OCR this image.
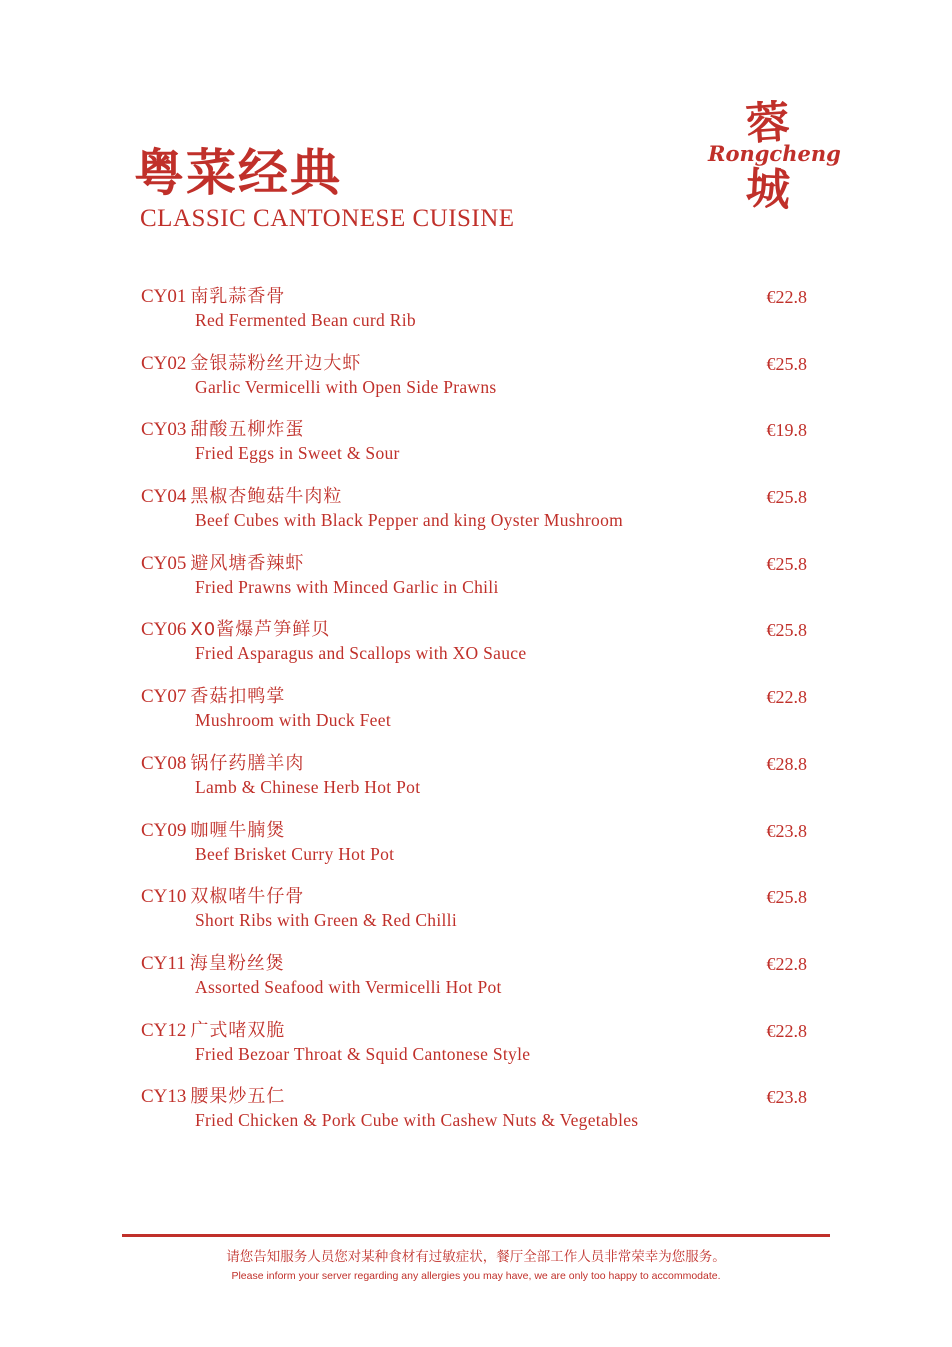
粤菜经典
CLASSIC CANTONESE CUISINE
蓉
Rongcheng
城
CY01 南乳蒜香骨
Red Fermented Bean curd Rib
€22.8
CY02 金银蒜粉丝开边大虾
Garlic Vermicelli with Open Side Prawns
€25.8
CY03 甜酸五柳炸蛋
Fried Eggs in Sweet & Sour
€19.8
CY04 黑椒杏鲍菇牛肉粒
Beef Cubes with Black Pepper and king Oyster Mushroom
€25.8
CY05 避风塘香辣虾
Fried Prawns with Minced Garlic in Chili
€25.8
CY06 X0酱爆芦笋鲜贝
Fried Asparagus and Scallops with XO Sauce
€25.8
CY07 香菇扣鸭掌
Mushroom with Duck Feet
€22.8
CY08 锅仔药膳羊肉
Lamb & Chinese Herb Hot Pot
€28.8
CY09 咖喱牛腩煲
Beef Brisket Curry Hot Pot
€23.8
CY10 双椒啫牛仔骨
Short Ribs with Green & Red Chilli
€25.8
CY11 海皇粉丝煲
Assorted Seafood with Vermicelli Hot Pot
€22.8
CY12 广式啫双脆
Fried Bezoar Throat & Squid Cantonese Style
€22.8
CY13 腰果炒五仁
Fried Chicken & Pork Cube with Cashew Nuts & Vegetables
€23.8
请您告知服务人员您对某种食材有过敏症状，餐厅全部工作人员非常荣幸为您服务。
Please inform your server regarding any allergies you may have, we are only too happy to accommodate.
